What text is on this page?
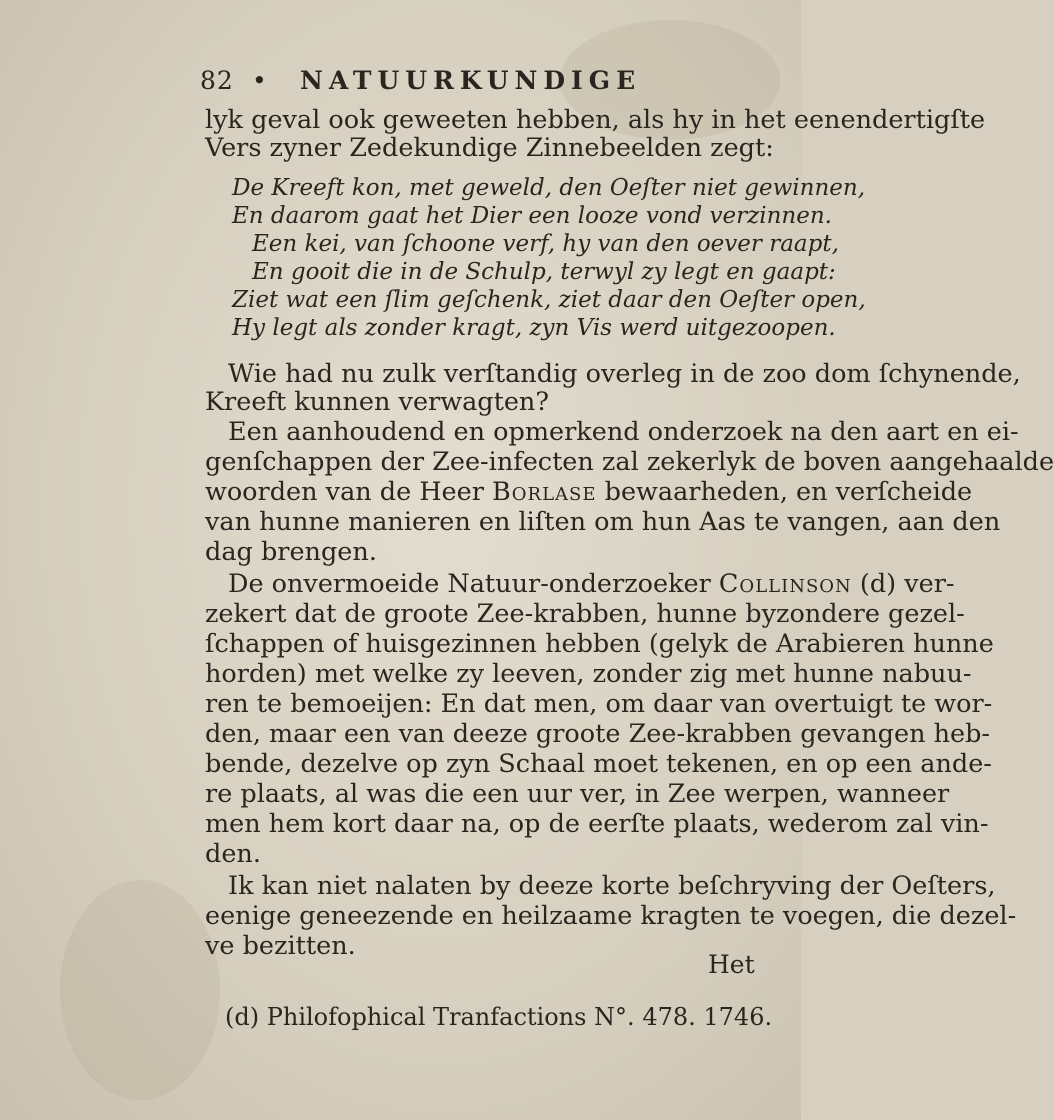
82 • NATUURKUNDIGE
lyk geval ook geweeten hebben, als hy in het eenendertigſte
Vers zyner Zedekundige Zinnebeelden zegt:
De Kreeft kon, met geweld, den Oeſter niet gewinnen,
En daarom gaat het Dier een looze vond verzinnen.
Een kei, van ſchoone verf, hy van den oever raapt,
En gooit die in de Schulp, terwyl zy legt en gaapt:
Ziet wat een ſlim geſchenk, ziet daar den Oeſter open,
Hy legt als zonder kragt, zyn Vis werd uitgezoopen.
Wie had nu zulk verſtandig overleg in de zoo dom ſchynende,
Kreeft kunnen verwagten?
Een aanhoudend en opmerkend onderzoek na den aart en ei-
genſchappen der Zee-infecten zal zekerlyk de boven aangehaalde
woorden van de Heer Borlase bewaarheden, en verſcheide
van hunne manieren en liſten om hun Aas te vangen, aan den
dag brengen.
De onvermoeide Natuur-onderzoeker Collinson (d) ver-
zekert dat de groote Zee-krabben, hunne byzondere gezel-
ſchappen of huisgezinnen hebben (gelyk de Arabieren hunne
horden) met welke zy leeven, zonder zig met hunne nabuu-
ren te bemoeijen: En dat men, om daar van overtuigt te wor-
den, maar een van deeze groote Zee-krabben gevangen heb-
bende, dezelve op zyn Schaal moet tekenen, en op een ande-
re plaats, al was die een uur ver, in Zee werpen, wanneer
men hem kort daar na, op de eerſte plaats, wederom zal vin-
den.
Ik kan niet nalaten by deeze korte beſchryving der Oeſters,
eenige geneezende en heilzaame kragten te voegen, die dezel-
ve bezitten.
Het
(d) Philofophical Tranfactions N°. 478. 1746.
